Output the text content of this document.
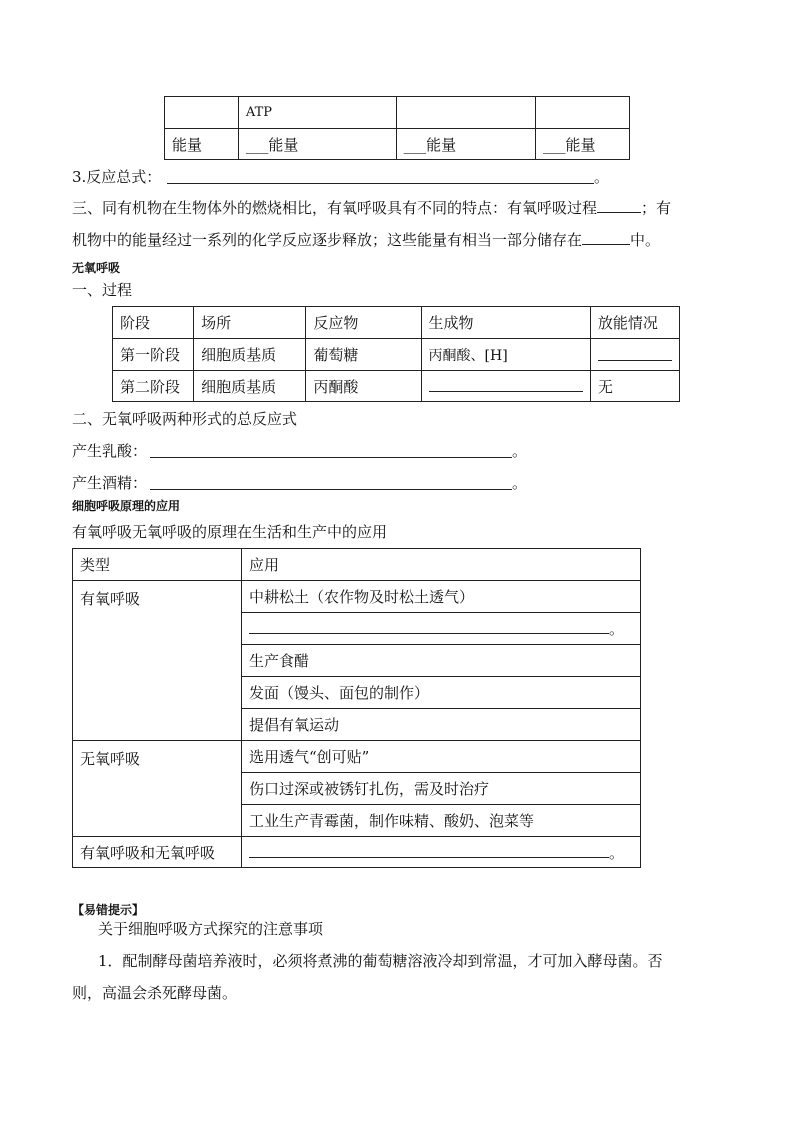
	ATP		
能量	___能量	___能量	___能量
3.反应总式：	。
三、同有机物在生物体外的燃烧相比，有氧呼吸具有不同的特点：有氧呼吸过程	；有
机物中的能量经过一系列的化学反应逐步释放；这些能量有相当一部分储存在	中。
无氧呼吸
一、过程
阶段	场所	反应物	生成物	放能情况
第一阶段	细胞质基质	葡萄糖	丙酮酸、[H]	
第二阶段	细胞质基质	丙酮酸		无
二、无氧呼吸两种形式的总反应式
产生乳酸：	。
产生酒精：	。
细胞呼吸原理的应用
有氧呼吸无氧呼吸的原理在生活和生产中的应用
类型	应用
有氧呼吸	中耕松土（农作物及时松土透气）
	。
	生产食醋
	发面（馒头、面包的制作）
	提倡有氧运动
无氧呼吸	选用透气“创可贴”
	伤口过深或被锈钉扎伤，需及时治疗
	工业生产青霉菌，制作味精、酸奶、泡菜等
有氧呼吸和无氧呼吸	。
【易错提示】
关于细胞呼吸方式探究的注意事项
1．配制酵母菌培养液时，必须将煮沸的葡萄糖溶液冷却到常温，才可加入酵母菌。否
则，高温会杀死酵母菌。
